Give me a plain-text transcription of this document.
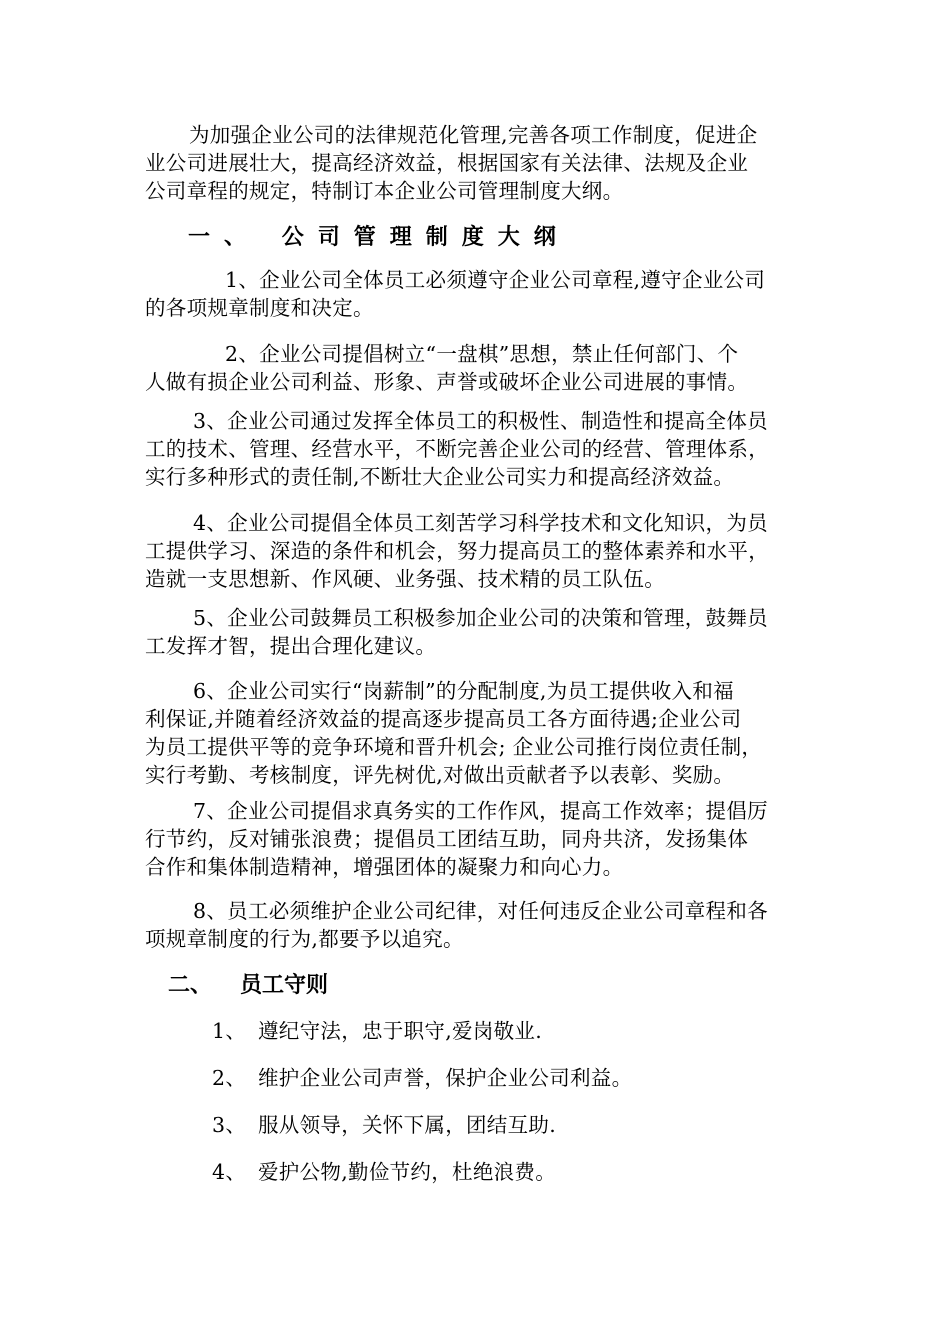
为加强企业公司的法律规范化管理,完善各项工作制度，促进企
业公司进展壮大，提高经济效益，根据国家有关法律、法规及企业
公司章程的规定，特制订本企业公司管理制度大纲。

一、 公司管理制度大纲

1、企业公司全体员工必须遵守企业公司章程,遵守企业公司
的各项规章制度和决定。

2、企业公司提倡树立“一盘棋”思想，禁止任何部门、个
人做有损企业公司利益、形象、声誉或破坏企业公司进展的事情。

3、企业公司通过发挥全体员工的积极性、制造性和提高全体员
工的技术、管理、经营水平，不断完善企业公司的经营、管理体系，
实行多种形式的责任制,不断壮大企业公司实力和提高经济效益。

4、企业公司提倡全体员工刻苦学习科学技术和文化知识，为员
工提供学习、深造的条件和机会，努力提高员工的整体素养和水平，
造就一支思想新、作风硬、业务强、技术精的员工队伍。

5、企业公司鼓舞员工积极参加企业公司的决策和管理，鼓舞员
工发挥才智，提出合理化建议。

6、企业公司实行“岗薪制”的分配制度,为员工提供收入和福
利保证,并随着经济效益的提高逐步提高员工各方面待遇;企业公司
为员工提供平等的竞争环境和晋升机会; 企业公司推行岗位责任制，
实行考勤、考核制度，评先树优,对做出贡献者予以表彰、奖励。

7、企业公司提倡求真务实的工作作风，提高工作效率；提倡厉
行节约，反对铺张浪费；提倡员工团结互助，同舟共济，发扬集体
合作和集体制造精神，增强团体的凝聚力和向心力。

8、员工必须维护企业公司纪律，对任何违反企业公司章程和各
项规章制度的行为,都要予以追究。

二、 员工守则

1、 遵纪守法，忠于职守,爱岗敬业.

2、 维护企业公司声誉，保护企业公司利益。

3、 服从领导，关怀下属，团结互助.

4、 爱护公物,勤俭节约，杜绝浪费。
